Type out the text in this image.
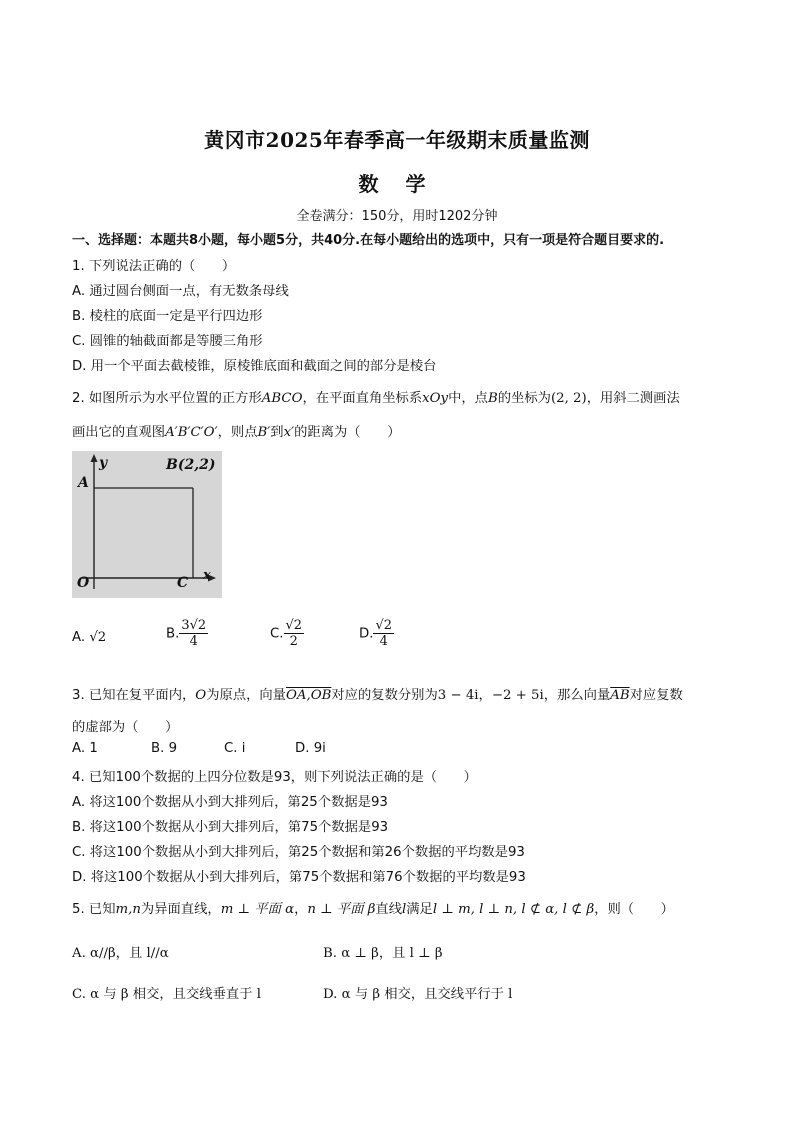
黄冈市2025年春季高一年级期末质量监测
数 学
全卷满分：150分，用时1202分钟
一、选择题：本题共8小题，每小题5分，共40分.在每小题给出的选项中，只有一项是符合题目要求的.
1. 下列说法正确的（　　）
A. 通过圆台侧面一点，有无数条母线
B. 棱柱的底面一定是平行四边形
C. 圆锥的轴截面都是等腰三角形
D. 用一个平面去截棱锥，原棱锥底面和截面之间的部分是棱台
2. 如图所示为水平位置的正方形ABCO，在平面直角坐标系xOy中，点B的坐标为(2, 2)，用斜二测画法
画出它的直观图A′B′C′O′，则点B′到x′的距离为（　　）
y
A
B(2,2)
O	C x
A. √2	B. $\frac{3√2}{4}$	C. $\frac{√2}{2}$	D. $\frac{√2}{4}$
3. 已知在复平面内，O为原点，向量OA,OB对应的复数分别为3 − 4i，−2 + 5i，那么向量$\overline{AB}$对应复数
的虚部为（　　）
A. 1	B. 9	C. i	D. 9i
4. 已知100个数据的上四分位数是93，则下列说法正确的是（　　）
A. 将这100个数据从小到大排列后，第25个数据是93
B. 将这100个数据从小到大排列后，第75个数据是93
C. 将这100个数据从小到大排列后，第25个数据和第26个数据的平均数是93
D. 将这100个数据从小到大排列后，第75个数据和第76个数据的平均数是93
5. 已知m,n为异面直线，m ⊥ 平面 α，n ⊥ 平面 β直线l满足l ⊥ m, l ⊥ n, l ⊄ α, l ⊄ β，则（　　）
A. α//β，且 l//α	B. α ⊥ β，且 l ⊥ β
C. α 与 β 相交，且交线垂直于 l	D. α 与 β 相交，且交线平行于 l
